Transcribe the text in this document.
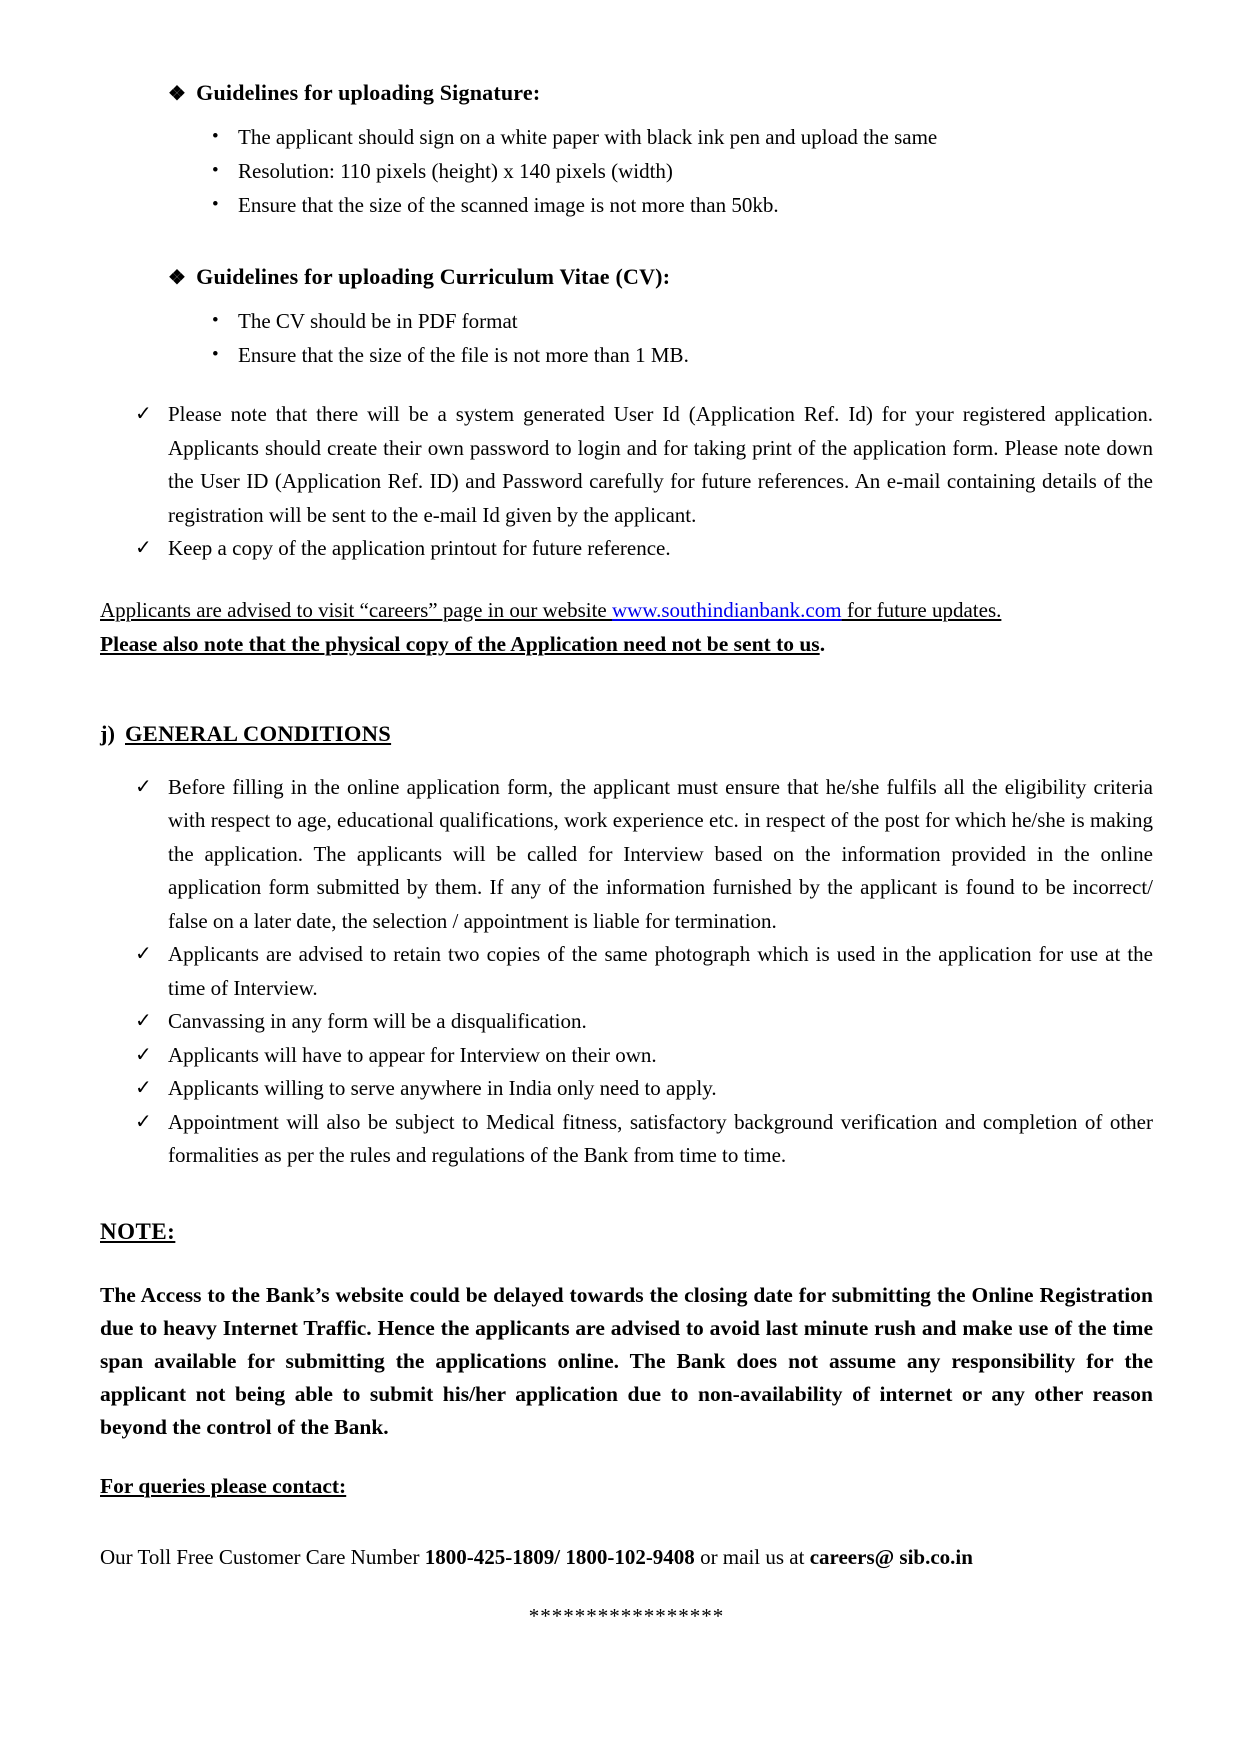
❖ Guidelines for uploading Signature:
• The applicant should sign on a white paper with black ink pen and upload the same
• Resolution: 110 pixels (height) x 140 pixels (width)
• Ensure that the size of the scanned image is not more than 50kb.
❖ Guidelines for uploading Curriculum Vitae (CV):
• The CV should be in PDF format
• Ensure that the size of the file is not more than 1 MB.
✓ Please note that there will be a system generated User Id (Application Ref. Id) for your registered application. Applicants should create their own password to login and for taking print of the application form. Please note down the User ID (Application Ref. ID) and Password carefully for future references. An e-mail containing details of the registration will be sent to the e-mail Id given by the applicant.
✓ Keep a copy of the application printout for future reference.
Applicants are advised to visit “careers” page in our website www.southindianbank.com for future updates.
Please also note that the physical copy of the Application need not be sent to us.
j) GENERAL CONDITIONS
✓ Before filling in the online application form, the applicant must ensure that he/she fulfils all the eligibility criteria with respect to age, educational qualifications, work experience etc. in respect of the post for which he/she is making the application. The applicants will be called for Interview based on the information provided in the online application form submitted by them. If any of the information furnished by the applicant is found to be incorrect/ false on a later date, the selection / appointment is liable for termination.
✓ Applicants are advised to retain two copies of the same photograph which is used in the application for use at the time of Interview.
✓ Canvassing in any form will be a disqualification.
✓ Applicants will have to appear for Interview on their own.
✓ Applicants willing to serve anywhere in India only need to apply.
✓ Appointment will also be subject to Medical fitness, satisfactory background verification and completion of other formalities as per the rules and regulations of the Bank from time to time.
NOTE:
The Access to the Bank’s website could be delayed towards the closing date for submitting the Online Registration due to heavy Internet Traffic. Hence the applicants are advised to avoid last minute rush and make use of the time span available for submitting the applications online. The Bank does not assume any responsibility for the applicant not being able to submit his/her application due to non-availability of internet or any other reason beyond the control of the Bank.
For queries please contact:
Our Toll Free Customer Care Number 1800-425-1809/ 1800-102-9408 or mail us at careers@ sib.co.in
*****************
